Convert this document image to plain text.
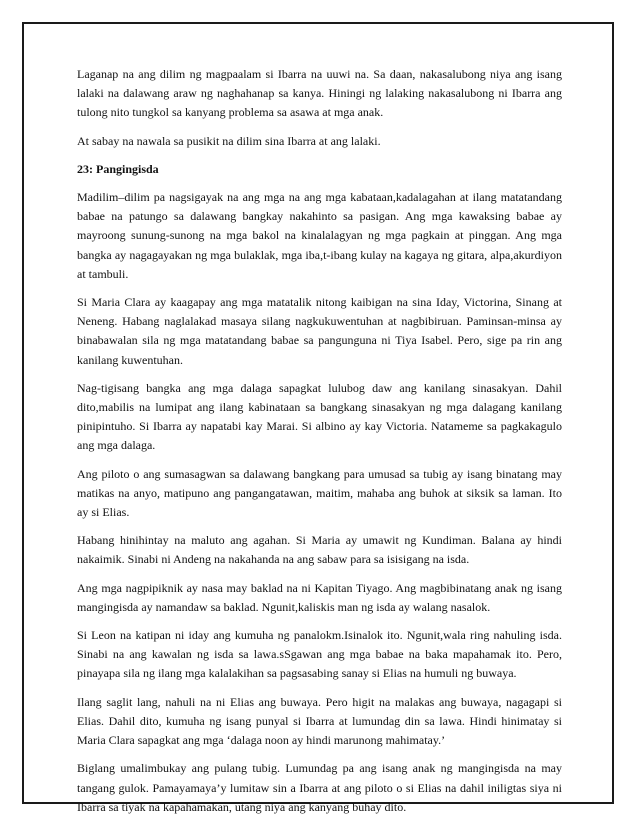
Laganap na ang dilim ng magpaalam si Ibarra na uuwi na. Sa daan, nakasalubong niya ang isang lalaki na dalawang araw ng naghahanap sa kanya. Hiningi ng lalaking nakasalubong ni Ibarra ang tulong nito tungkol sa kanyang problema sa asawa at mga anak.

At sabay na nawala sa pusikit na dilim sina Ibarra at ang lalaki.

23: Pangingisda

Madilim–dilim pa nagsigayak na ang mga na ang mga kabataan,kadalagahan at ilang matatandang babae na patungo sa dalawang bangkay nakahinto sa pasigan. Ang mga kawaksing babae ay mayroong sunung-sunong na mga bakol na kinalalagyan ng mga pagkain at pinggan. Ang mga bangka ay nagagayakan ng mga bulaklak, mga iba,t-ibang kulay na kagaya ng gitara, alpa,akurdiyon at tambuli.

Si Maria Clara ay kaagapay ang mga matatalik nitong kaibigan na sina Iday, Victorina, Sinang at Neneng. Habang naglalakad masaya silang nagkukuwentuhan at nagbibiruan. Paminsan-minsa ay binabawalan sila ng mga matatandang babae sa pangunguna ni Tiya Isabel. Pero, sige pa rin ang kanilang kuwentuhan.

Nag-tigisang bangka ang mga dalaga sapagkat lulubog daw ang kanilang sinasakyan. Dahil dito,mabilis na lumipat ang ilang kabinataan sa bangkang sinasakyan ng mga dalagang kanilang pinipintuho. Si Ibarra ay napatabi kay Marai. Si albino ay kay Victoria. Natameme sa pagkakagulo ang mga dalaga.

Ang piloto o ang sumasagwan sa dalawang bangkang para umusad sa tubig ay isang binatang may matikas na anyo, matipuno ang pangangatawan, maitim, mahaba ang buhok at siksik sa laman. Ito ay si Elias.

Habang hinihintay na maluto ang agahan. Si Maria ay umawit ng Kundiman. Balana ay hindi nakaimik. Sinabi ni Andeng na nakahanda na ang sabaw para sa isisigang na isda.

Ang mga nagpipiknik ay nasa may baklad na ni Kapitan Tiyago. Ang magbibinatang anak ng isang mangingisda ay namandaw sa baklad. Ngunit,kaliskis man ng isda ay walang nasalok.

Si Leon na katipan ni iday ang kumuha ng panalokm.Isinalok ito. Ngunit,wala ring nahuling isda. Sinabi na ang kawalan ng isda sa lawa.sSgawan ang mga babae na baka mapahamak ito. Pero, pinayapa sila ng ilang mga kalalakihan sa pagsasabing sanay si Elias na humuli ng buwaya.

Ilang saglit lang, nahuli na ni Elias ang buwaya. Pero higit na malakas ang buwaya, nagagapi si Elias. Dahil dito, kumuha ng isang punyal si Ibarra at lumundag din sa lawa. Hindi hinimatay si Maria Clara sapagkat ang mga ‘dalaga noon ay hindi marunong mahimatay.’

Biglang umalimbukay ang pulang tubig. Lumundag pa ang isang anak ng mangingisda na may tangang gulok. Pamayamaya’y lumitaw sin a Ibarra at ang piloto o si Elias na dahil iniligtas siya ni Ibarra sa tiyak na kapahamakan, utang niya ang kanyang buhay dito.
